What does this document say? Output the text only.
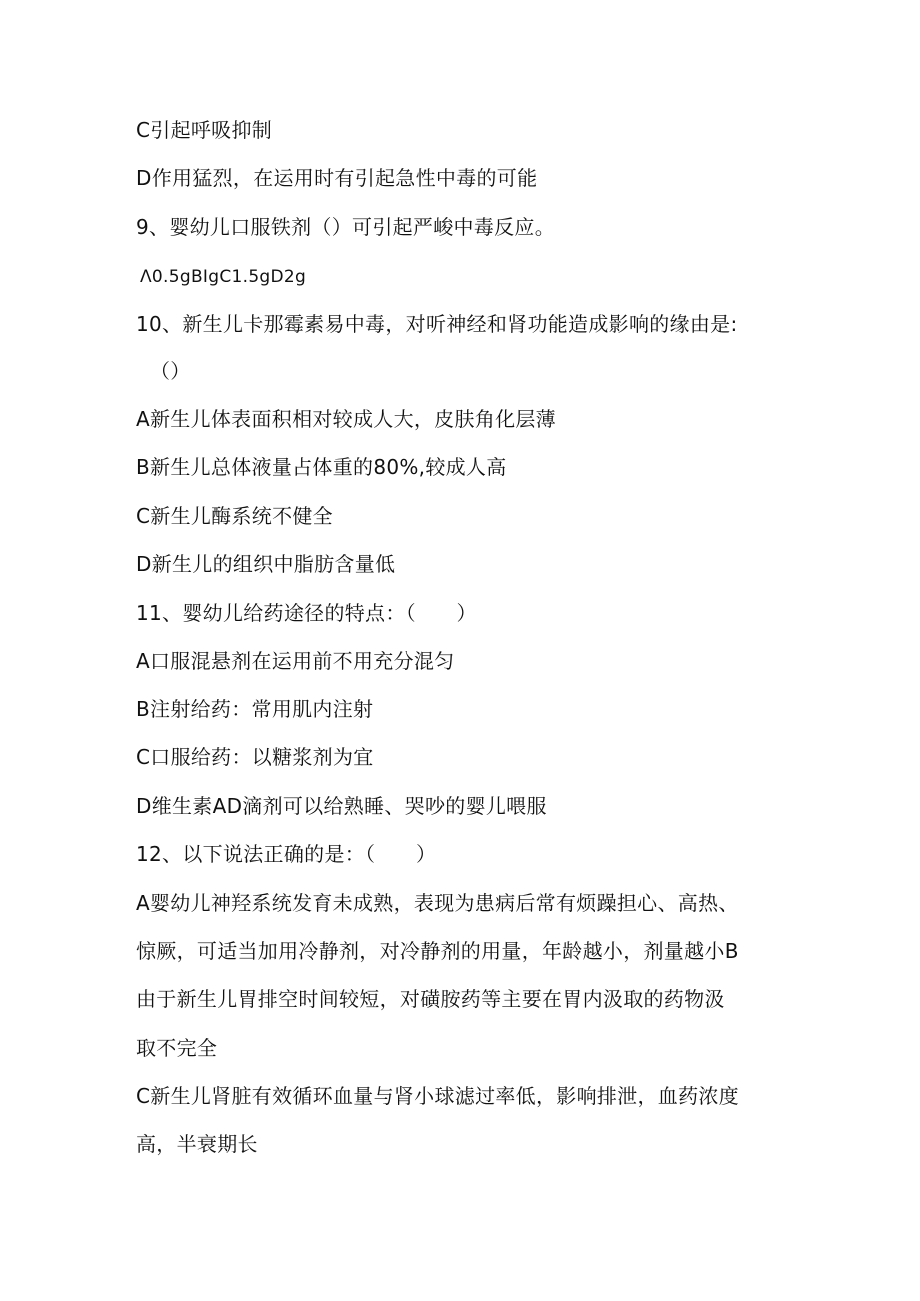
C引起呼吸抑制
D作用猛烈，在运用时有引起急性中毒的可能
9、婴幼儿口服铁剂（）可引起严峻中毒反应。
Λ0.5gBIgC1.5gD2g
10、新生儿卡那霉素易中毒，对听神经和肾功能造成影响的缘由是:
（）
A新生儿体表面积相对较成人大，皮肤角化层薄
B新生儿总体液量占体重的80%,较成人高
C新生儿酶系统不健全
D新生儿的组织中脂肪含量低
11、婴幼儿给药途径的特点：（　　）
A口服混悬剂在运用前不用充分混匀
B注射给药：常用肌内注射
C口服给药：以糖浆剂为宜
D维生素AD滴剂可以给熟睡、哭吵的婴儿喂服
12、以下说法正确的是：（　　）
A婴幼儿神羟系统发育未成熟，表现为患病后常有烦躁担心、高热、
惊厥，可适当加用冷静剂，对冷静剂的用量，年龄越小，剂量越小B
由于新生儿胃排空时间较短，对磺胺药等主要在胃内汲取的药物汲
取不完全
C新生儿肾脏有效循环血量与肾小球滤过率低，影响排泄，血药浓度
高，半衰期长
